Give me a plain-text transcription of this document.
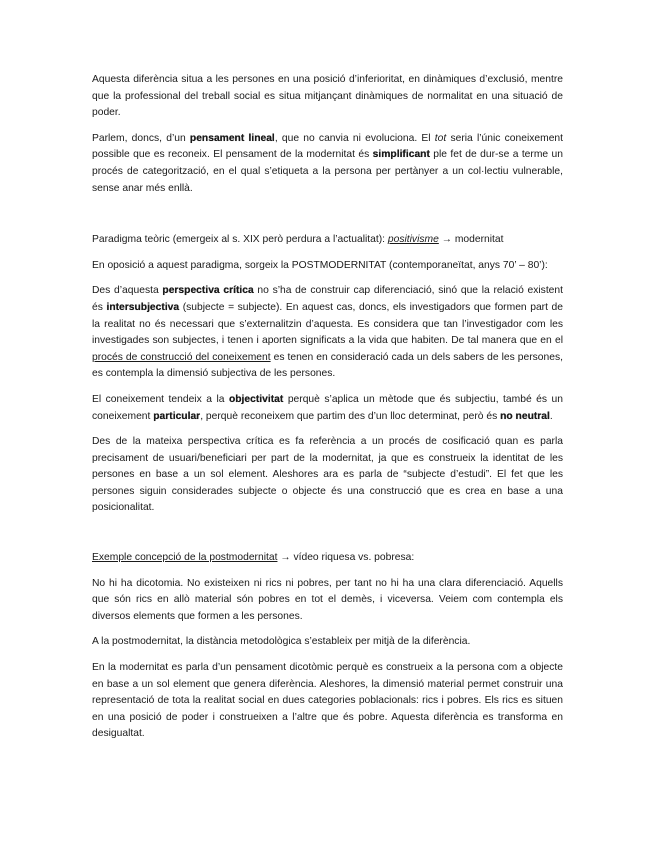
Aquesta diferència situa a les persones en una posició d’inferioritat, en dinàmiques d’exclusió, mentre que la professional del treball social es situa mitjançant dinàmiques de normalitat en una situació de poder.

Parlem, doncs, d’un pensament lineal, que no canvia ni evoluciona. El tot seria l’únic coneixement possible que es reconeix. El pensament de la modernitat és simplificant ple fet de dur-se a terme un procés de categorització, en el qual s’etiqueta a la persona per pertànyer a un col·lectiu vulnerable, sense anar més enllà.

Paradigma teòric (emergeix al s. XIX però perdura a l’actualitat): positivisme → modernitat

En oposició a aquest paradigma, sorgeix la POSTMODERNITAT (contemporaneïtat, anys 70’ – 80’):

Des d’aquesta perspectiva crítica no s’ha de construir cap diferenciació, sinó que la relació existent és intersubjectiva (subjecte = subjecte). En aquest cas, doncs, els investigadors que formen part de la realitat no és necessari que s’externalitzin d’aquesta. Es considera que tan l’investigador com les investigades son subjectes, i tenen i aporten significats a la vida que habiten. De tal manera que en el procés de construcció del coneixement es tenen en consideració cada un dels sabers de les persones, es contempla la dimensió subjectiva de les persones.

El coneixement tendeix a la objectivitat perquè s’aplica un mètode que és subjectiu, també és un coneixement particular, perquè reconeixem que partim des d’un lloc determinat, però és no neutral.

Des de la mateixa perspectiva crítica es fa referència a un procés de cosificació quan es parla precisament de usuari/beneficiari per part de la modernitat, ja que es construeix la identitat de les persones en base a un sol element. Aleshores ara es parla de “subjecte d’estudi”. El fet que les persones siguin considerades subjecte o objecte és una construcció que es crea en base a una posicionalitat.

Exemple concepció de la postmodernitat → vídeo riquesa vs. pobresa:

No hi ha dicotomia. No existeixen ni rics ni pobres, per tant no hi ha una clara diferenciació. Aquells que són rics en allò material són pobres en tot el demès, i viceversa. Veiem com contempla els diversos elements que formen a les persones.

A la postmodernitat, la distància metodològica s’estableix per mitjà de la diferència.

En la modernitat es parla d’un pensament dicotòmic perquè es construeix a la persona com a objecte en base a un sol element que genera diferència. Aleshores, la dimensió material permet construir una representació de tota la realitat social en dues categories poblacionals: rics i pobres. Els rics es situen en una posició de poder i construeixen a l’altre que és pobre. Aquesta diferència es transforma en desigualtat.
